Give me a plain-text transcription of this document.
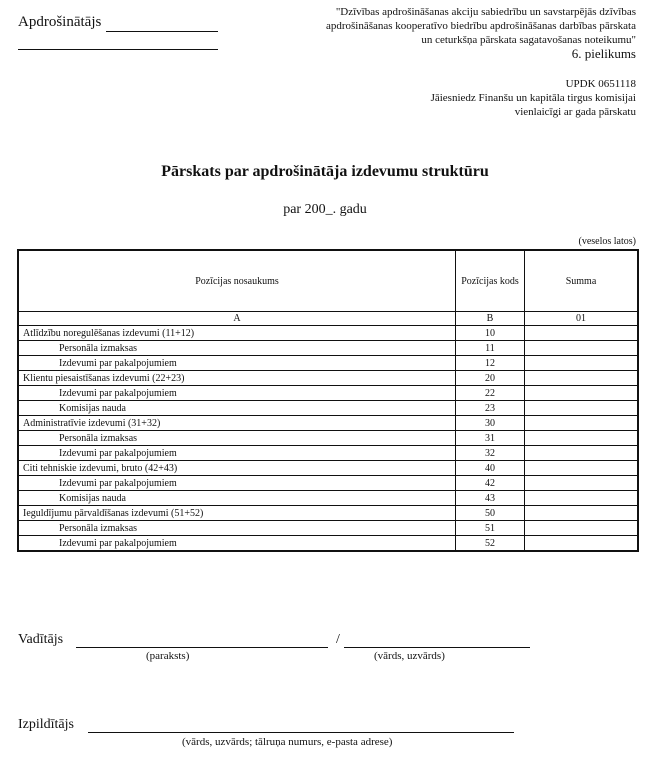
Apdrošinātājs
"Dzīvības apdrošināšanas akciju sabiedrību un savstarpējās dzīvības
apdrošināšanas kooperatīvo biedrību apdrošināšanas darbības pārskata
un ceturkšņa pārskata sagatavošanas noteikumu"
6. pielikums
UPDK 0651118
Jāiesniedz Finanšu un kapitāla tirgus komisijai
vienlaicīgi ar gada pārskatu
Pārskats par apdrošinātāja izdevumu struktūru
par 200_. gadu
(veselos latos)
Pozīcijas nosaukums	Pozīcijas kods	Summa
A	B	01
Atlīdzību noregulēšanas izdevumi (11+12)	10	
Personāla izmaksas	11	
Izdevumi par pakalpojumiem	12	
Klientu piesaistīšanas izdevumi (22+23)	20	
Izdevumi par pakalpojumiem	22	
Komisijas nauda	23	
Administratīvie izdevumi (31+32)	30	
Personāla izmaksas	31	
Izdevumi par pakalpojumiem	32	
Citi tehniskie izdevumi, bruto (42+43)	40	
Izdevumi par pakalpojumiem	42	
Komisijas nauda	43	
Ieguldījumu pārvaldīšanas izdevumi (51+52)	50	
Personāla izmaksas	51	
Izdevumi par pakalpojumiem	52	
Vadītājs	/
(paraksts)	(vārds, uzvārds)
Izpildītājs
(vārds, uzvārds; tālruņa numurs, e-pasta adrese)
